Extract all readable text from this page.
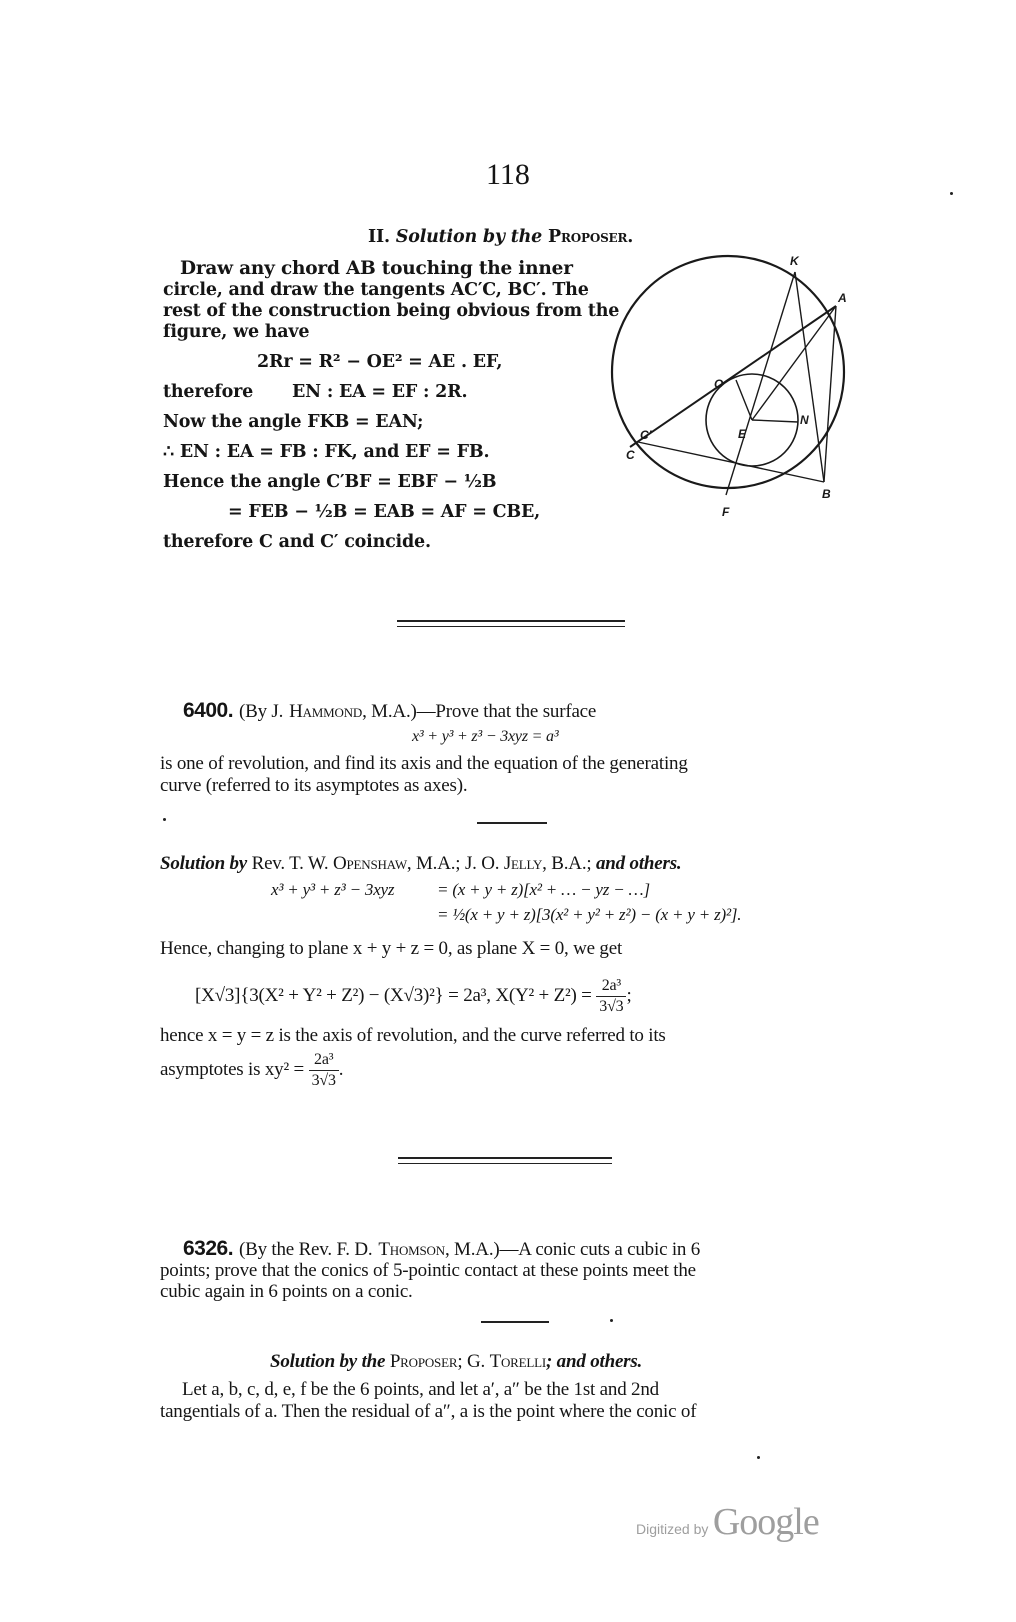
118
II. Solution by the Proposer.
Draw any chord AB touching the inner
circle, and draw the tangents AC′C, BC′. The
rest of the construction being obvious from the
figure, we have
2Rr = R² − OE² = AE . EF,
therefore EN : EA = EF : 2R.
Now the angle FKB = EAN;
∴ EN : EA = FB : FK, and EF = FB.
Hence the angle C′BF = EBF − ½B
= FEB − ½B = EAB = AF = CBE,
therefore C and C′ coincide.
K
A
O
E
N
C′
C
B
F
6400. (By J. Hammond, M.A.)—Prove that the surface
x³ + y³ + z³ − 3xyz = a³
is one of revolution, and find its axis and the equation of the generating
curve (referred to its asymptotes as axes).
Solution by Rev. T. W. Openshaw, M.A.; J. O. Jelly, B.A.; and others.
x³ + y³ + z³ − 3xyz	= (x + y + z)[x² + … − yz − …]
= ½(x + y + z)[3(x² + y² + z²) − (x + y + z)²].
Hence, changing to plane x + y + z = 0, as plane X = 0, we get
[X√3]{3(X² + Y² + Z²) − (X√3)²} = 2a³, $X(Y^2 + Z^2) = \frac{\text{2a³}}{3√3}$ ;
hence x = y = z is the axis of revolution, and the curve referred to its
asymptotes is $xy^2 = \frac{\text{2a³}}{3√3}$ .
6326. (By the Rev. F. D. Thomson, M.A.)—A conic cuts a cubic in 6
points; prove that the conics of 5-pointic contact at these points meet the
cubic again in 6 points on a conic.
Solution by the Proposer; G. Torelli; and others.
Let a, b, c, d, e, f be the 6 points, and let a′, a″ be the 1st and 2nd
tangentials of a. Then the residual of a″, a is the point where the conic of
Digitized by Google
